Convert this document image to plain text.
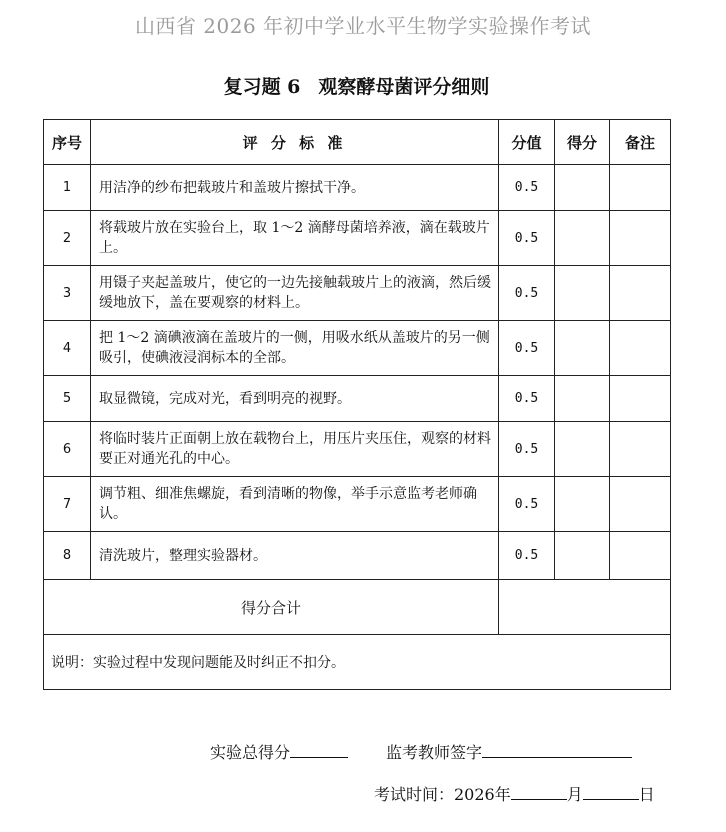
山西省 2026 年初中学业水平生物学实验操作考试
复习题 6 观察酵母菌评分细则
序号	评 分 标 准	分值	得分	备注
1	用洁净的纱布把载玻片和盖玻片擦拭干净。	0.5		
2	将载玻片放在实验台上，取 1～2 滴酵母菌培养液，滴在载玻片上。	0.5		
3	用镊子夹起盖玻片，使它的一边先接触载玻片上的液滴，然后缓缓地放下，盖在要观察的材料上。	0.5		
4	把 1～2 滴碘液滴在盖玻片的一侧，用吸水纸从盖玻片的另一侧吸引，使碘液浸润标本的全部。	0.5		
5	取显微镜，完成对光，看到明亮的视野。	0.5		
6	将临时装片正面朝上放在载物台上，用压片夹压住，观察的材料要正对通光孔的中心。	0.5		
7	调节粗、细准焦螺旋，看到清晰的物像，举手示意监考老师确认。	0.5		
8	清洗玻片，整理实验器材。	0.5		
得分合计				
说明：实验过程中发现问题能及时纠正不扣分。				
实验总得分	监考教师签字
考试时间：2026年	月	日
